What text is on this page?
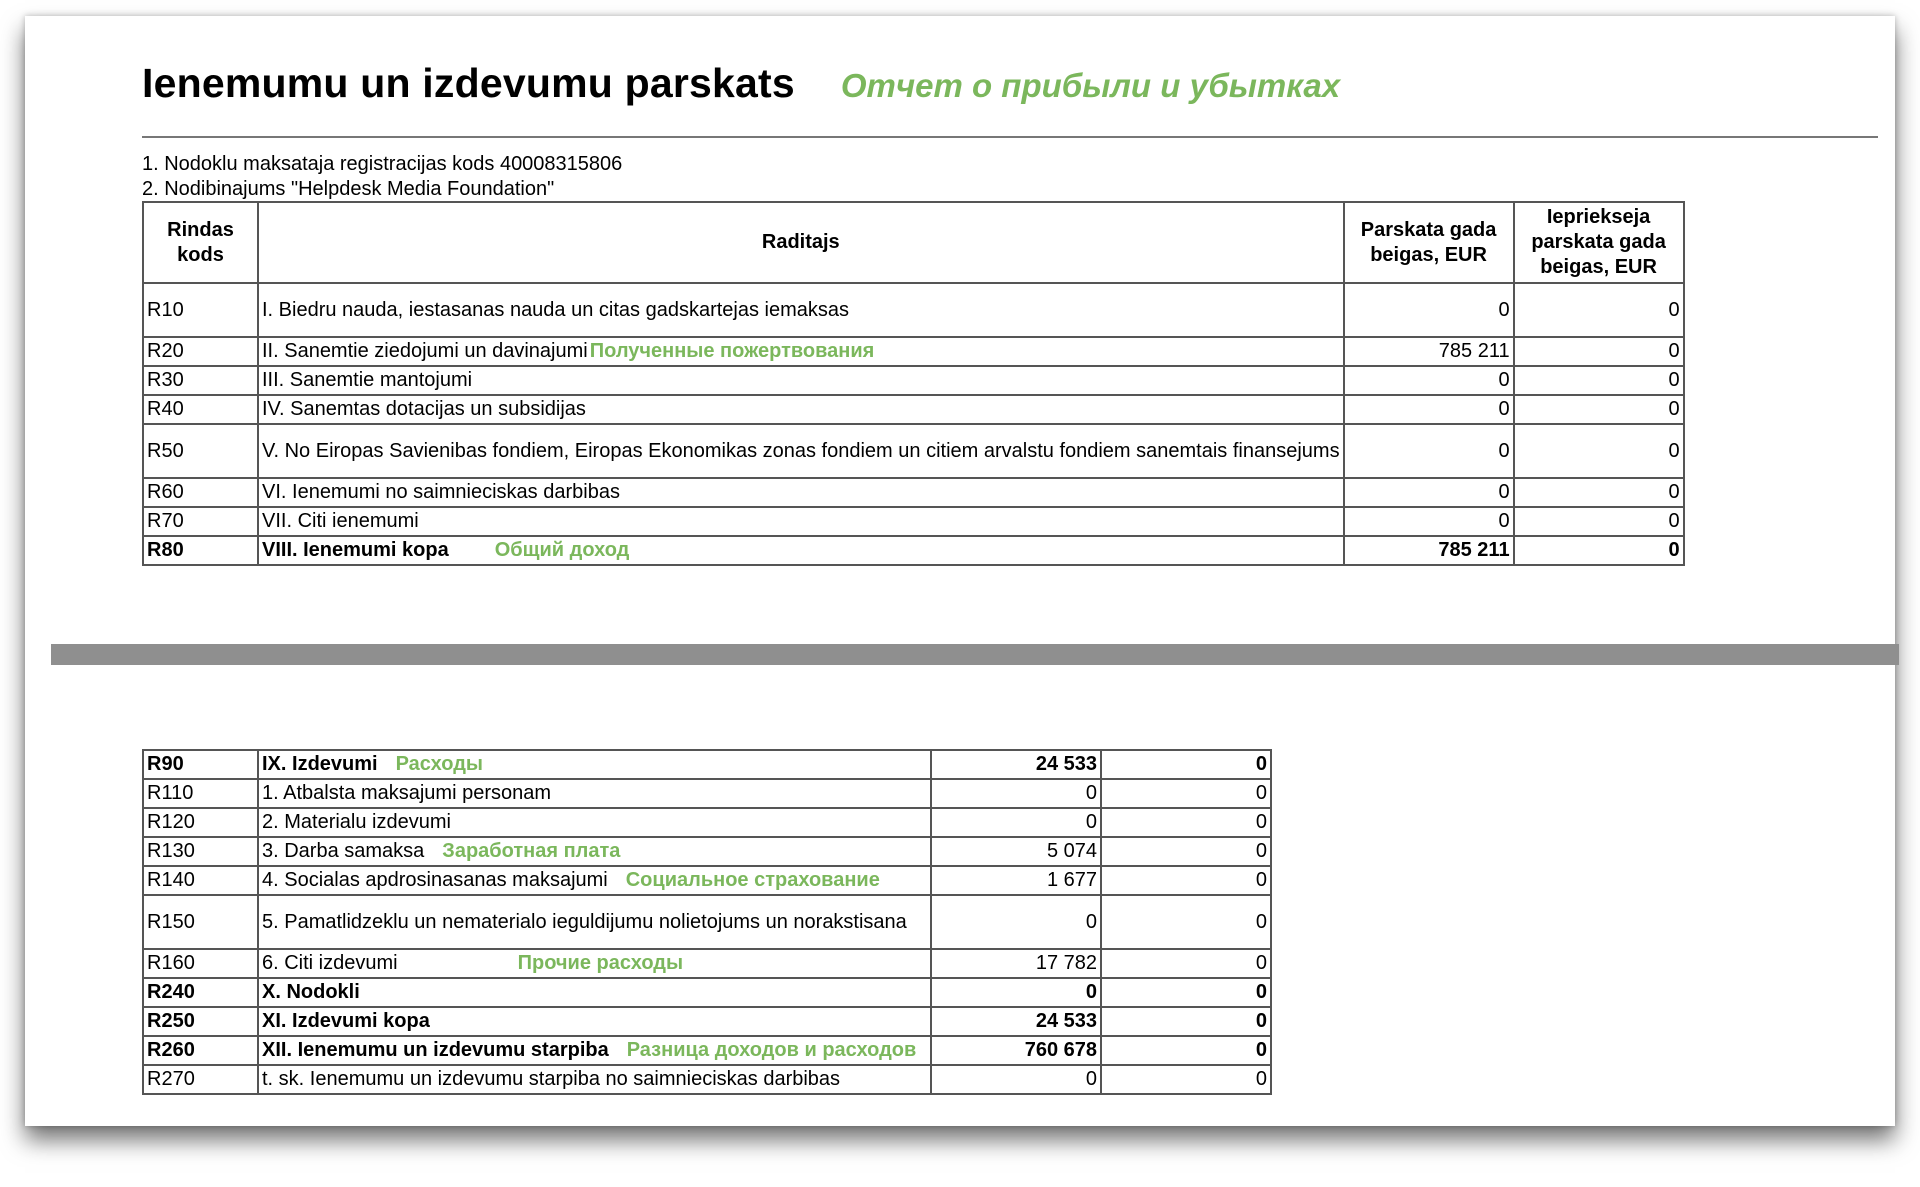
Ienemumu un izdevumu parskats Отчет о прибыли и убытках
1. Nodoklu maksataja registracijas kods 40008315806
2. Nodibinajums "Helpdesk Media Foundation"
Rindas kods	Raditajs	Parskata gada beigas, EUR	Iepriekseja parskata gada beigas, EUR
R10	I. Biedru nauda, iestasanas nauda un citas gadskartejas iemaksas	0	0
R20	II. Sanemtie ziedojumi un davinajumi Полученные пожертвования	785 211	0
R30	III. Sanemtie mantojumi	0	0
R40	IV. Sanemtas dotacijas un subsidijas	0	0
R50	V. No Eiropas Savienibas fondiem, Eiropas Ekonomikas zonas fondiem un citiem arvalstu fondiem sanemtais finansejums	0	0
R60	VI. Ienemumi no saimnieciskas darbibas	0	0
R70	VII. Citi ienemumi	0	0
R80	VIII. Ienemumi kopa Общий доход	785 211	0
R90	IX. Izdevumi Расходы	24 533	0
R110	1. Atbalsta maksajumi personam	0	0
R120	2. Materialu izdevumi	0	0
R130	3. Darba samaksa Заработная плата	5 074	0
R140	4. Socialas apdrosinasanas maksajumi Социальное страхование	1 677	0
R150	5. Pamatlidzeklu un nematerialo ieguldijumu nolietojums un norakstisana	0	0
R160	6. Citi izdevumi Прочие расходы	17 782	0
R240	X. Nodokli	0	0
R250	XI. Izdevumi kopa	24 533	0
R260	XII. Ienemumu un izdevumu starpiba Разница доходов и расходов	760 678	0
R270	t. sk. Ienemumu un izdevumu starpiba no saimnieciskas darbibas	0	0
